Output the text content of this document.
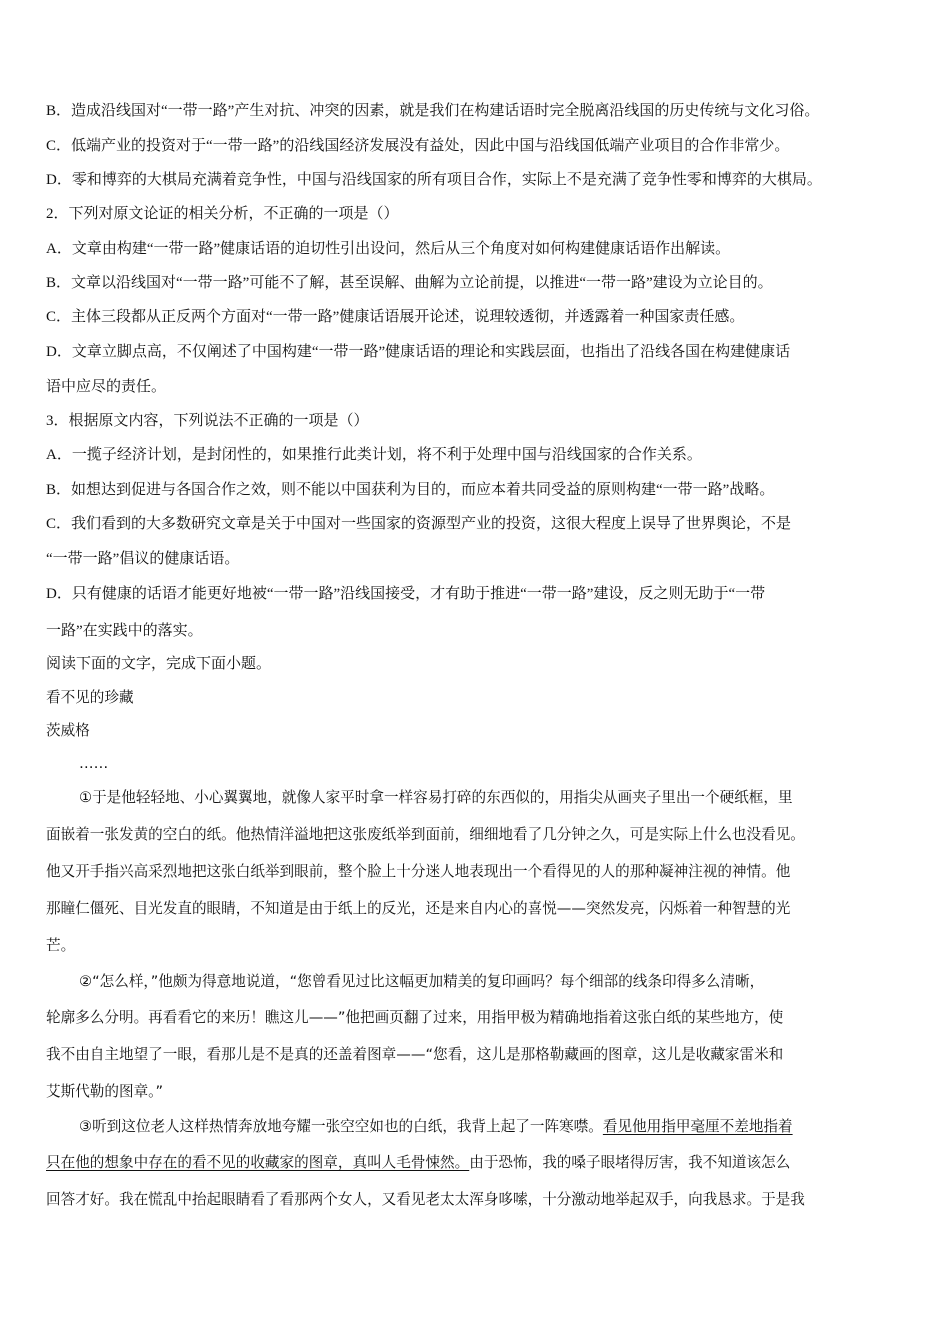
B．造成沿线国对“一带一路”产生对抗、冲突的因素，就是我们在构建话语时完全脱离沿线国的历史传统与文化习俗。
C．低端产业的投资对于“一带一路”的沿线国经济发展没有益处，因此中国与沿线国低端产业项目的合作非常少。
D．零和博弈的大棋局充满着竞争性，中国与沿线国家的所有项目合作，实际上不是充满了竞争性零和博弈的大棋局。
2．下列对原文论证的相关分析，不正确的一项是（）
A．文章由构建“一带一路”健康话语的迫切性引出设问，然后从三个角度对如何构建健康话语作出解读。
B．文章以沿线国对“一带一路”可能不了解，甚至误解、曲解为立论前提，以推进“一带一路”建设为立论目的。
C．主体三段都从正反两个方面对“一带一路”健康话语展开论述，说理较透彻，并透露着一种国家责任感。
D．文章立脚点高，不仅阐述了中国构建“一带一路”健康话语的理论和实践层面，也指出了沿线各国在构建健康话
语中应尽的责任。
3．根据原文内容，下列说法不正确的一项是（）
A．一揽子经济计划，是封闭性的，如果推行此类计划，将不利于处理中国与沿线国家的合作关系。
B．如想达到促进与各国合作之效，则不能以中国获利为目的，而应本着共同受益的原则构建“一带一路”战略。
C．我们看到的大多数研究文章是关于中国对一些国家的资源型产业的投资，这很大程度上误导了世界舆论，不是
“一带一路”倡议的健康话语。
D．只有健康的话语才能更好地被“一带一路”沿线国接受，才有助于推进“一带一路”建设，反之则无助于“一带
一路”在实践中的落实。
阅读下面的文字，完成下面小题。
看不见的珍藏
茨威格
……
①于是他轻轻地、小心翼翼地，就像人家平时拿一样容易打碎的东西似的，用指尖从画夹子里出一个硬纸框，里
面嵌着一张发黄的空白的纸。他热情洋溢地把这张废纸举到面前，细细地看了几分钟之久，可是实际上什么也没看见。
他又开手指兴高采烈地把这张白纸举到眼前，整个脸上十分迷人地表现出一个看得见的人的那种凝神注视的神情。他
那瞳仁僵死、目光发直的眼睛，不知道是由于纸上的反光，还是来自内心的喜悦——突然发亮，闪烁着一种智慧的光
芒。
②“怎么样，”他颇为得意地说道，“您曾看见过比这幅更加精美的复印画吗？每个细部的线条印得多么清晰，
轮廓多么分明。再看看它的来历！瞧这儿——”他把画页翻了过来，用指甲极为精确地指着这张白纸的某些地方，使
我不由自主地望了一眼，看那儿是不是真的还盖着图章——“您看，这儿是那格勒藏画的图章，这儿是收藏家雷米和
艾斯代勒的图章。”
③听到这位老人这样热情奔放地夸耀一张空空如也的白纸，我背上起了一阵寒噤。看见他用指甲毫厘不差地指着
只在他的想象中存在的看不见的收藏家的图章，真叫人毛骨悚然。由于恐怖，我的嗓子眼堵得厉害，我不知道该怎么
回答才好。我在慌乱中抬起眼睛看了看那两个女人，又看见老太太浑身哆嗦，十分激动地举起双手，向我恳求。于是我
